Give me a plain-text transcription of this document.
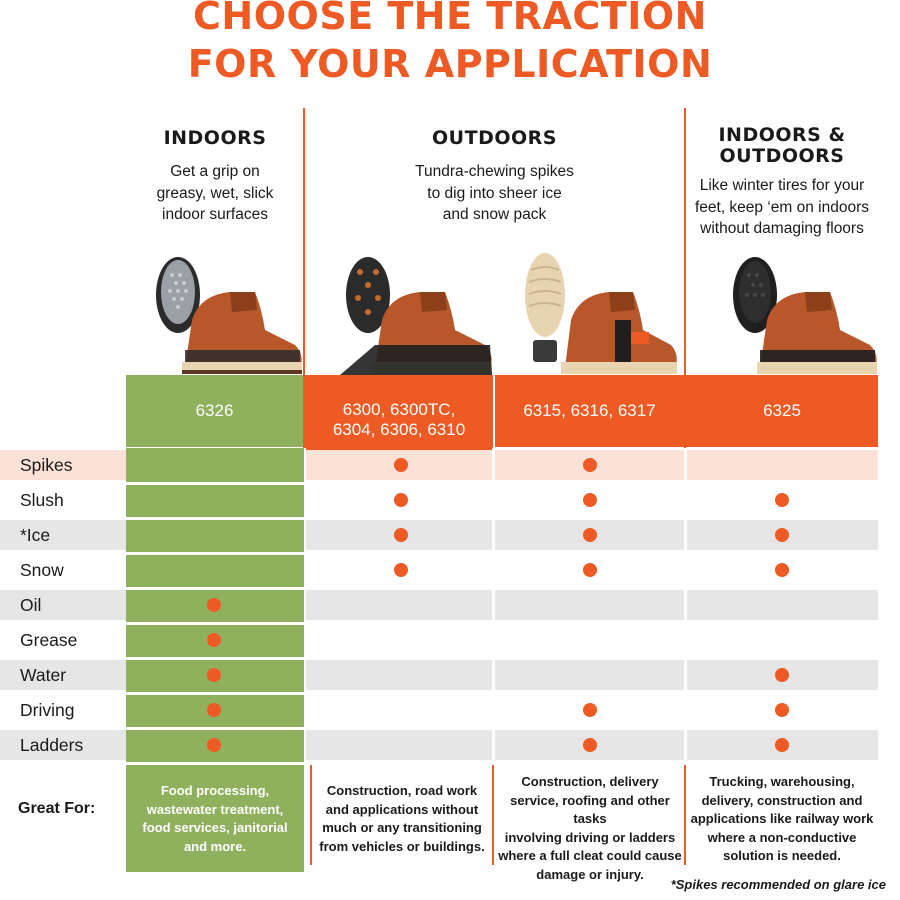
CHOOSE THE TRACTION
FOR YOUR APPLICATION
INDOORS
Get a grip on
greasy, wet, slick
indoor surfaces
OUTDOORS
Tundra-chewing spikes
to dig into sheer ice
and snow pack
INDOORS &
OUTDOORS
Like winter tires for your
feet, keep ‘em on indoors
without damaging floors
6326	6300, 6300TC,
6304, 6306, 6310
6315, 6316, 6317	6325
Spikes
Slush
*Ice
Snow
Oil
Grease
Water
Driving
Ladders
Great For:
Food processing,
wastewater treatment,
food services, janitorial
and more.
Construction, road work
and applications without
much or any transitioning
from vehicles or buildings.
Construction, delivery
service, roofing and other tasks
involving driving or ladders
where a full cleat could cause
damage or injury.
Trucking, warehousing,
delivery, construction and
applications like railway work
where a non-conductive
solution is needed.
*Spikes recommended on glare ice
